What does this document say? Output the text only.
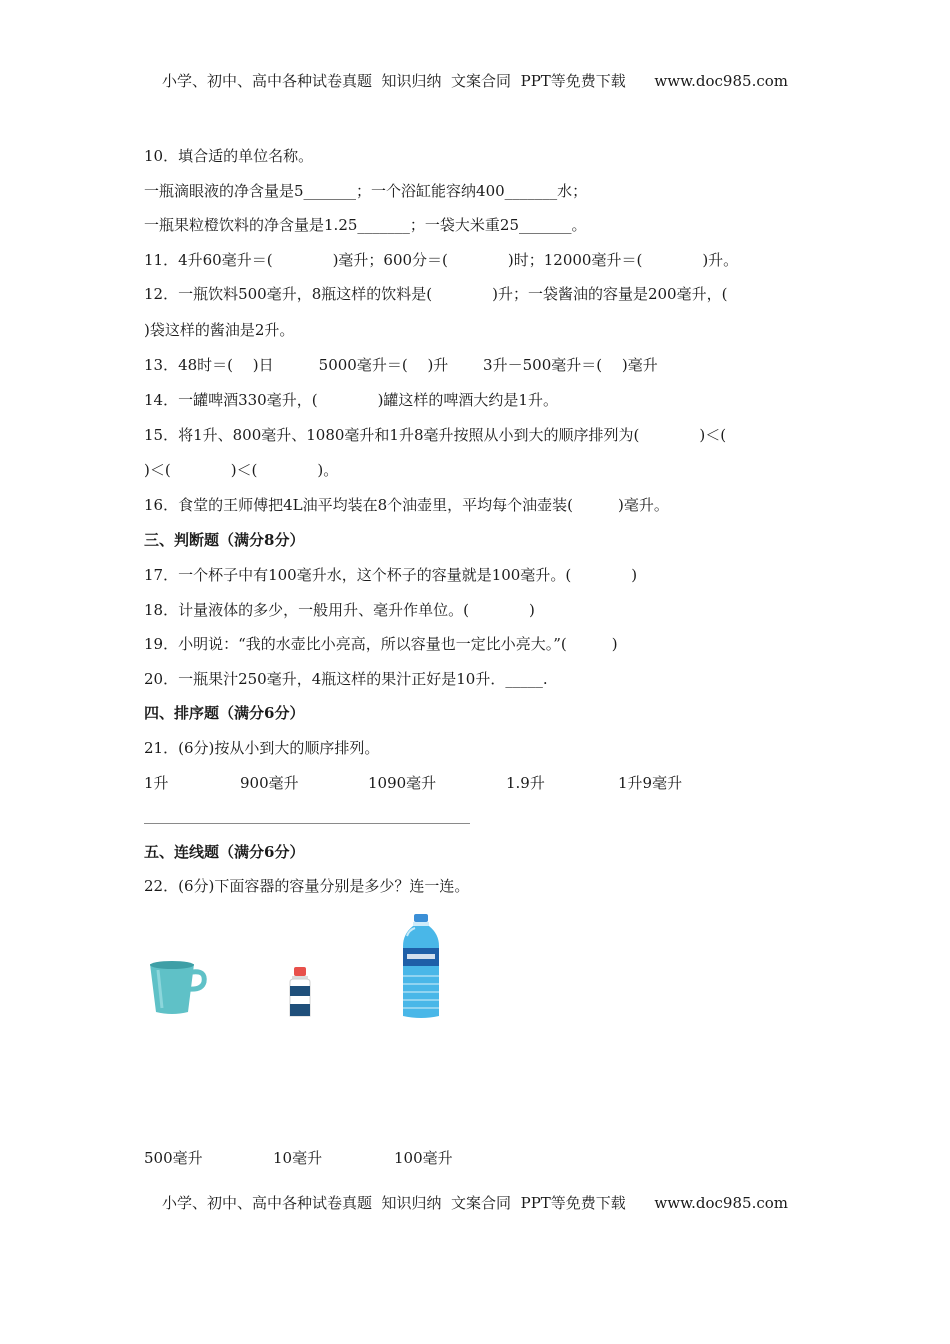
小学、初中、高中各种试卷真题  知识归纳  文案合同  PPT等免费下载      www.doc985.com
10．填合适的单位名称。
一瓶滴眼液的净含量是5_______；一个浴缸能容纳400_______水；
一瓶果粒橙饮料的净含量是1.25_______；一袋大米重25_______。
11．4升60毫升＝(　　　　)毫升；600分＝(　　　　)时；12000毫升＝(　　　　)升。
12．一瓶饮料500毫升，8瓶这样的饮料是(　　　　)升；一袋酱油的容量是200毫升，(
)袋这样的酱油是2升。
13．48时＝(　 )日　　　5000毫升＝(　 )升　　 3升－500毫升＝(　 )毫升
14．一罐啤酒330毫升，(　　　　)罐这样的啤酒大约是1升。
15．将1升、800毫升、1080毫升和1升8毫升按照从小到大的顺序排列为(　　　　)＜(
)＜(　　　　)＜(　　　　)。
16．食堂的王师傅把4L油平均装在8个油壶里，平均每个油壶装(　　　)毫升。
三、判断题（满分8分）
17．一个杯子中有100毫升水，这个杯子的容量就是100毫升。(　　　　)
18．计量液体的多少，一般用升、毫升作单位。(　　　　)
19．小明说：“我的水壶比小亮高，所以容量也一定比小亮大。”(　　　)
20．一瓶果汁250毫升，4瓶这样的果汁正好是10升．_____.
四、排序题（满分6分）
21．(6分)按从小到大的顺序排列。
1升	900毫升	1090毫升	1.9升	1升9毫升
五、连线题（满分6分）
22．(6分)下面容器的容量分别是多少？连一连。
500毫升	10毫升	100毫升
小学、初中、高中各种试卷真题  知识归纳  文案合同  PPT等免费下载      www.doc985.com
